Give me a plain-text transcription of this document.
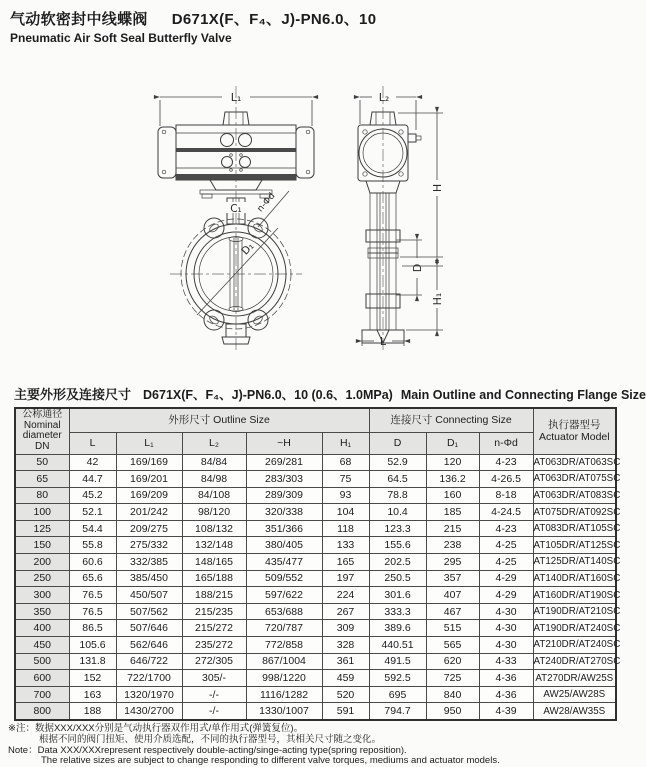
气动软密封中线蝶阀 D671X(F、F₄、J)-PN6.0、10
Pneumatic Air Soft Seal Butterfly Valve
L₁
C₁
D₁
n-Φd
L₂
H
D
H₁
L
主要外形及连接尺寸 D671X(F、F₄、J)-PN6.0、10 (0.6、1.0MPa) Main Outline and Connecting Flange Size
公称通径
Nominal
diameter
DN	外形尺寸 Outline Size					连接尺寸 Connecting Size			执行器型号
Actuator Model

	L	L₁	L₂	~H	H₁	D	D₁	n-Φd	
50	42	169/169	84/84	269/281	68	52.9	120	4-23	AT063DR/AT063SC
65	44.7	169/201	84/98	283/303	75	64.5	136.2	4-26.5	AT063DR/AT075SC
80	45.2	169/209	84/108	289/309	93	78.8	160	8-18	AT063DR/AT083SC
100	52.1	201/242	98/120	320/338	104	10.4	185	4-24.5	AT075DR/AT092SC
125	54.4	209/275	108/132	351/366	118	123.3	215	4-23	AT083DR/AT105SC
150	55.8	275/332	132/148	380/405	133	155.6	238	4-25	AT105DR/AT125SC
200	60.6	332/385	148/165	435/477	165	202.5	295	4-25	AT125DR/AT140SC
250	65.6	385/450	165/188	509/552	197	250.5	357	4-29	AT140DR/AT160SC
300	76.5	450/507	188/215	597/622	224	301.6	407	4-29	AT160DR/AT190SC
350	76.5	507/562	215/235	653/688	267	333.3	467	4-30	AT190DR/AT210SC
400	86.5	507/646	215/272	720/787	309	389.6	515	4-30	AT190DR/AT240SC
450	105.6	562/646	235/272	772/858	328	440.51	565	4-30	AT210DR/AT240SC
500	131.8	646/722	272/305	867/1004	361	491.5	620	4-33	AT240DR/AT270SC
600	152	722/1700	305/-	998/1220	459	592.5	725	4-36	AT270DR/AW25S
700	163	1320/1970	-/-	1116/1282	520	695	840	4-36	AW25/AW28S
800	188	1430/2700	-/-	1330/1007	591	794.7	950	4-39	AW28/AW35S
※注： 数据XXX/XXX分别是气动执行器双作用式/单作用式(弹簧复位)。
根据不同的阀门扭矩、使用介质选配，不同的执行器型号，其相关尺寸随之变化。
Note： Data XXX/XXXrepresent respectively double-acting/singe-acting type(spring reposition).
The relative sizes are subject to change responding to different valve torques, mediums and actuator models.
